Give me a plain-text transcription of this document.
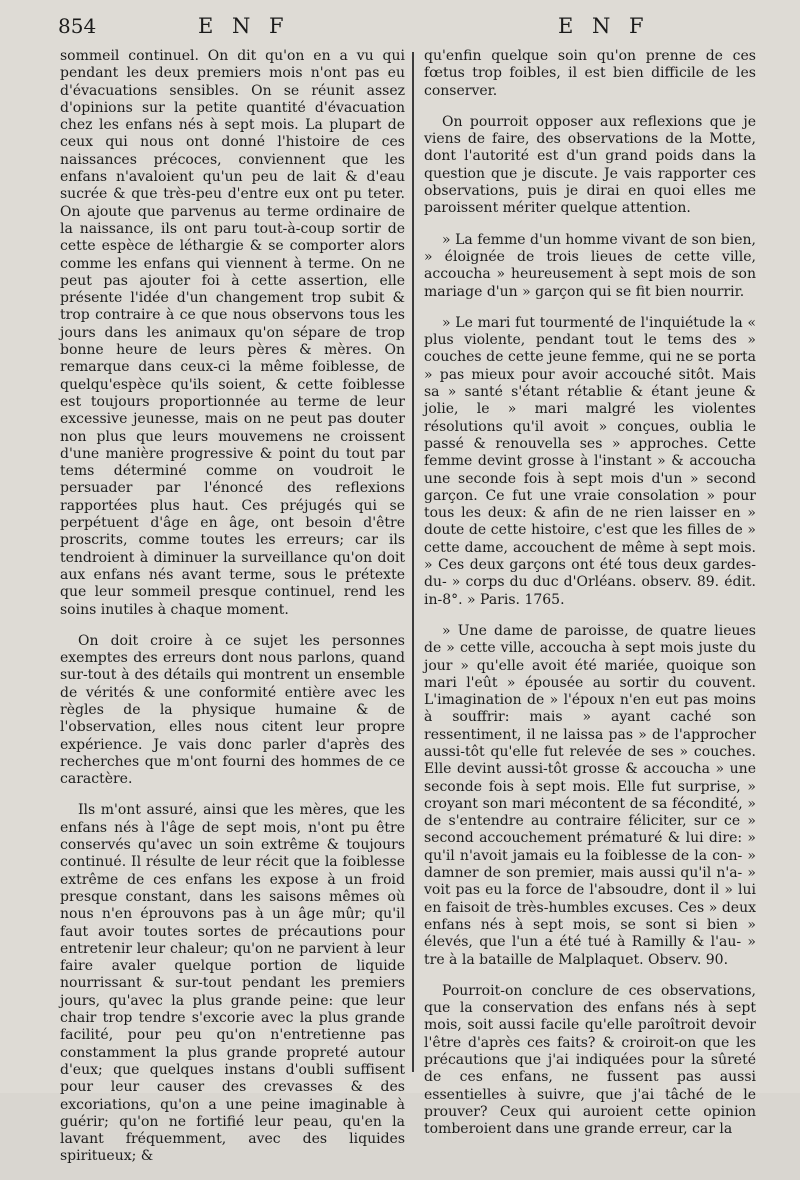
854	E N F	E N F

sommeil continuel. On dit qu'on en a vu qui pendant les deux premiers mois n'ont pas eu d'évacuations sensibles. On se réunit assez d'opinions sur la petite quantité d'évacuation chez les enfans nés à sept mois. La plupart de ceux qui nous ont donné l'histoire de ces naissances précoces, conviennent que les enfans n'avaloient qu'un peu de lait & d'eau sucrée & que très-peu d'entre eux ont pu teter. On ajoute que parvenus au terme ordinaire de la naissance, ils ont paru tout-à-coup sortir de cette espèce de léthargie & se comporter alors comme les enfans qui viennent à terme. On ne peut pas ajouter foi à cette assertion, elle présente l'idée d'un changement trop subit & trop contraire à ce que nous observons tous les jours dans les animaux qu'on sépare de trop bonne heure de leurs pères & mères. On remarque dans ceux-ci la même foiblesse, de quelqu'espèce qu'ils soient, & cette foiblesse est toujours proportionnée au terme de leur excessive jeunesse, mais on ne peut pas douter non plus que leurs mouvemens ne croissent d'une manière progressive & point du tout par tems déterminé comme on voudroit le persuader par l'énoncé des reflexions rapportées plus haut. Ces préjugés qui se perpétuent d'âge en âge, ont besoin d'être proscrits, comme toutes les erreurs; car ils tendroient à diminuer la surveillance qu'on doit aux enfans nés avant terme, sous le prétexte que leur sommeil presque continuel, rend les soins inutiles à chaque moment.

On doit croire à ce sujet les personnes exemptes des erreurs dont nous parlons, quand sur-tout à des détails qui montrent un ensemble de vérités & une conformité entière avec les règles de la physique humaine & de l'observation, elles nous citent leur propre expérience. Je vais donc parler d'après des recherches que m'ont fourni des hommes de ce caractère.

Ils m'ont assuré, ainsi que les mères, que les enfans nés à l'âge de sept mois, n'ont pu être conservés qu'avec un soin extrême & toujours continué. Il résulte de leur récit que la foiblesse extrême de ces enfans les expose à un froid presque constant, dans les saisons mêmes où nous n'en éprouvons pas à un âge mûr; qu'il faut avoir toutes sortes de précautions pour entretenir leur chaleur; qu'on ne parvient à leur faire avaler quelque portion de liquide nourrissant & sur-tout pendant les premiers jours, qu'avec la plus grande peine: que leur chair trop tendre s'excorie avec la plus grande facilité, pour peu qu'on n'entretienne pas constamment la plus grande propreté autour d'eux; que quelques instans d'oubli suffisent pour leur causer des crevasses & des excoriations, qu'on a une peine imaginable à guérir; qu'on ne fortifié leur peau, qu'en la lavant fréquemment, avec des liquides spiritueux; &

qu'enfin quelque soin qu'on prenne de ces fœtus trop foibles, il est bien difficile de les conserver.

On pourroit opposer aux reflexions que je viens de faire, des observations de la Motte, dont l'autorité est d'un grand poids dans la question que je discute. Je vais rapporter ces observations, puis je dirai en quoi elles me paroissent mériter quelque attention.

» La femme d'un homme vivant de son bien, » éloignée de trois lieues de cette ville, accoucha » heureusement à sept mois de son mariage d'un » garçon qui se fit bien nourrir.

» Le mari fut tourmenté de l'inquiétude la « plus violente, pendant tout le tems des » couches de cette jeune femme, qui ne se porta » pas mieux pour avoir accouché sitôt. Mais sa » santé s'étant rétablie & étant jeune & jolie, le » mari malgré les violentes résolutions qu'il avoit » conçues, oublia le passé & renouvella ses » approches. Cette femme devint grosse à l'instant » & accoucha une seconde fois à sept mois d'un » second garçon. Ce fut une vraie consolation » pour tous les deux: & afin de ne rien laisser en » doute de cette histoire, c'est que les filles de » cette dame, accouchent de même à sept mois. » Ces deux garçons ont été tous deux gardes-du- » corps du duc d'Orléans. observ. 89. édit. in-8°. » Paris. 1765.

» Une dame de paroisse, de quatre lieues de » cette ville, accoucha à sept mois juste du jour » qu'elle avoit été mariée, quoique son mari l'eût » épousée au sortir du couvent. L'imagination de » l'époux n'en eut pas moins à souffrir: mais » ayant caché son ressentiment, il ne laissa pas » de l'approcher aussi-tôt qu'elle fut relevée de ses » couches. Elle devint aussi-tôt grosse & accoucha » une seconde fois à sept mois. Elle fut surprise, » croyant son mari mécontent de sa fécondité, » de s'entendre au contraire féliciter, sur ce » second accouchement prématuré & lui dire: » qu'il n'avoit jamais eu la foiblesse de la con- » damner de son premier, mais aussi qu'il n'a- » voit pas eu la force de l'absoudre, dont il » lui en faisoit de très-humbles excuses. Ces » deux enfans nés à sept mois, se sont si bien » élevés, que l'un a été tué à Ramilly & l'au- » tre à la bataille de Malplaquet. Observ. 90.

Pourroit-on conclure de ces observations, que la conservation des enfans nés à sept mois, soit aussi facile qu'elle paroîtroit devoir l'être d'après ces faits? & croiroit-on que les précautions que j'ai indiquées pour la sûreté de ces enfans, ne fussent pas aussi essentielles à suivre, que j'ai tâché de le prouver? Ceux qui auroient cette opinion tomberoient dans une grande erreur, car la
